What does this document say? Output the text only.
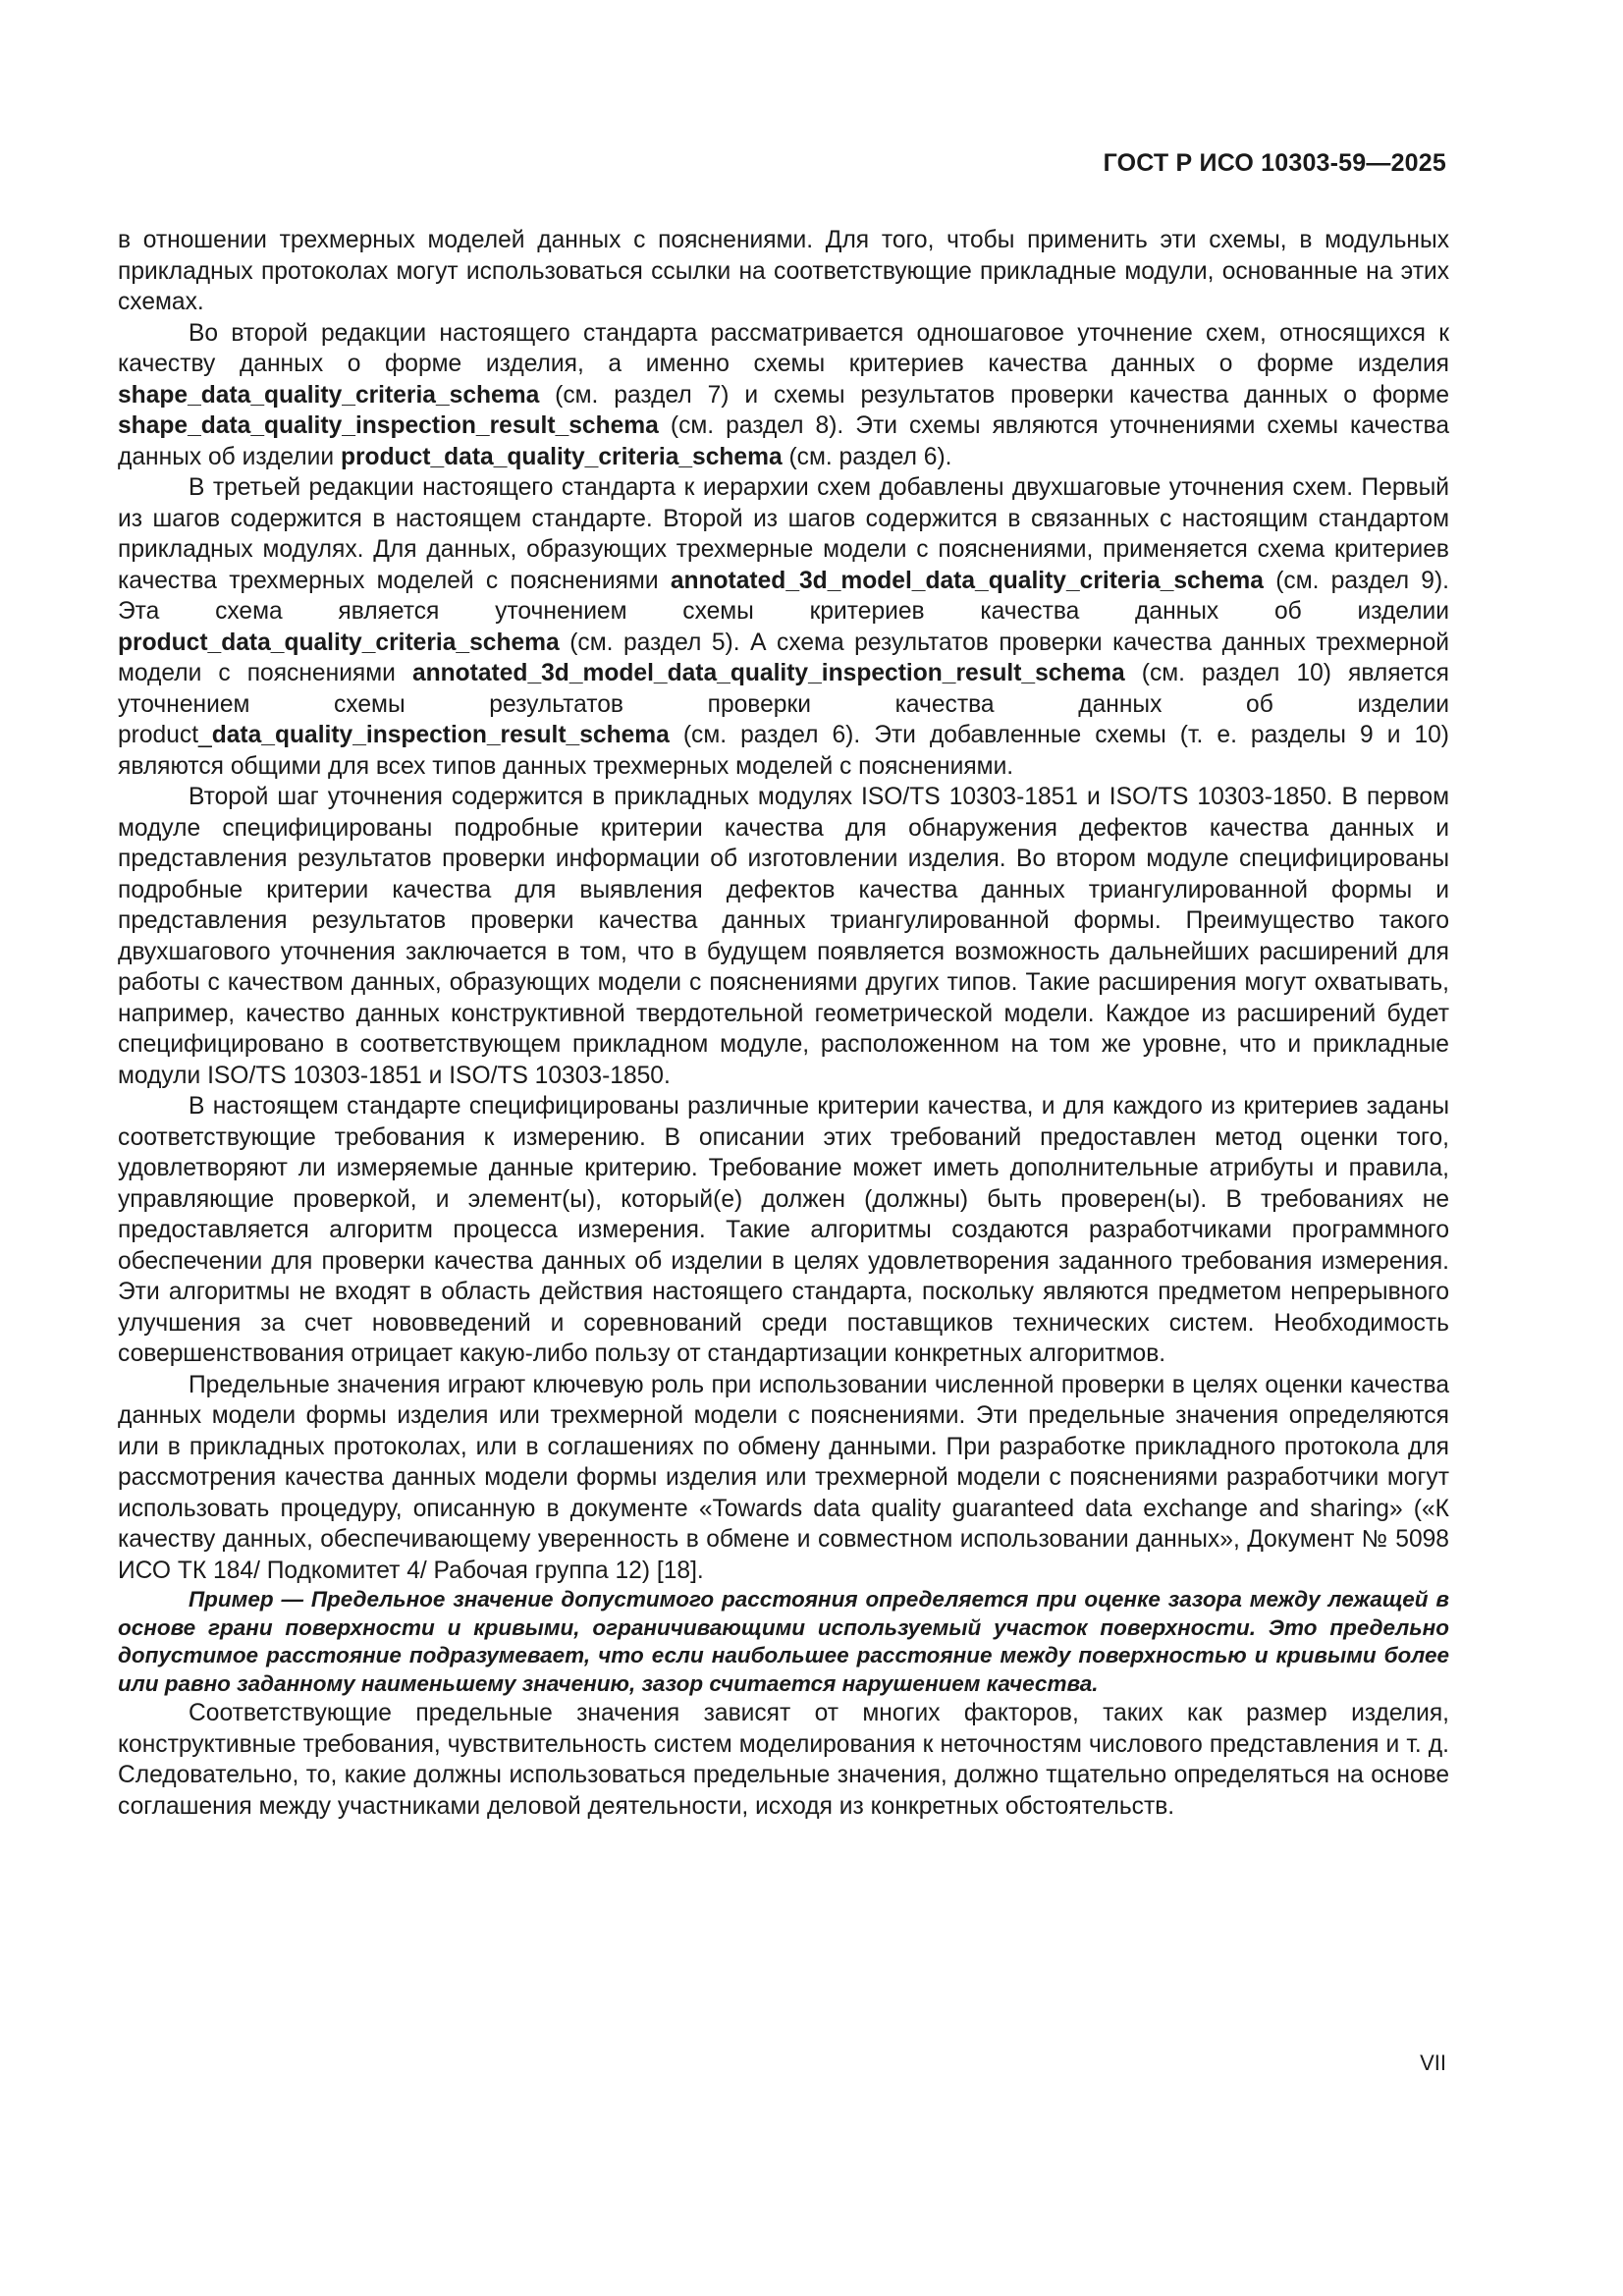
ГОСТ Р ИСО 10303-59—2025

в отношении трехмерных моделей данных с пояснениями. Для того, чтобы применить эти схемы, в модульных прикладных протоколах могут использоваться ссылки на соответствующие прикладные модули, основанные на этих схемах.

Во второй редакции настоящего стандарта рассматривается одношаговое уточнение схем, относящихся к качеству данных о форме изделия, а именно схемы критериев качества данных о форме изделия shape_data_quality_criteria_schema (см. раздел 7) и схемы результатов проверки качества данных о форме shape_data_quality_inspection_result_schema (см. раздел 8). Эти схемы являются уточнениями схемы качества данных об изделии product_data_quality_criteria_schema (см. раздел 6).

В третьей редакции настоящего стандарта к иерархии схем добавлены двухшаговые уточнения схем. Первый из шагов содержится в настоящем стандарте. Второй из шагов содержится в связанных с настоящим стандартом прикладных модулях. Для данных, образующих трехмерные модели с пояснениями, применяется схема критериев качества трехмерных моделей с пояснениями annotated_3d_model_data_quality_criteria_schema (см. раздел 9). Эта схема является уточнением схемы критериев качества данных об изделии product_data_quality_criteria_schema (см. раздел 5). А схема результатов проверки качества данных трехмерной модели с пояснениями annotated_3d_model_data_quality_inspection_result_schema (см. раздел 10) является уточнением схемы результатов проверки качества данных об изделии product_data_quality_inspection_result_schema (см. раздел 6). Эти добавленные схемы (т. е. разделы 9 и 10) являются общими для всех типов данных трехмерных моделей с пояснениями.

Второй шаг уточнения содержится в прикладных модулях ISO/TS 10303-1851 и ISO/TS 10303-1850. В первом модуле специфицированы подробные критерии качества для обнаружения дефектов качества данных и представления результатов проверки информации об изготовлении изделия. Во втором модуле специфицированы подробные критерии качества для выявления дефектов качества данных триангулированной формы и представления результатов проверки качества данных триангулированной формы. Преимущество такого двухшагового уточнения заключается в том, что в будущем появляется возможность дальнейших расширений для работы с качеством данных, образующих модели с пояснениями других типов. Такие расширения могут охватывать, например, качество данных конструктивной твердотельной геометрической модели. Каждое из расширений будет специфицировано в соответствующем прикладном модуле, расположенном на том же уровне, что и прикладные модули ISO/TS 10303-1851 и ISO/TS 10303-1850.

В настоящем стандарте специфицированы различные критерии качества, и для каждого из критериев заданы соответствующие требования к измерению. В описании этих требований предоставлен метод оценки того, удовлетворяют ли измеряемые данные критерию. Требование может иметь дополнительные атрибуты и правила, управляющие проверкой, и элемент(ы), который(е) должен (должны) быть проверен(ы). В требованиях не предоставляется алгоритм процесса измерения. Такие алгоритмы создаются разработчиками программного обеспечении для проверки качества данных об изделии в целях удовлетворения заданного требования измерения. Эти алгоритмы не входят в область действия настоящего стандарта, поскольку являются предметом непрерывного улучшения за счет нововведений и соревнований среди поставщиков технических систем. Необходимость совершенствования отрицает какую-либо пользу от стандартизации конкретных алгоритмов.

Предельные значения играют ключевую роль при использовании численной проверки в целях оценки качества данных модели формы изделия или трехмерной модели с пояснениями. Эти предельные значения определяются или в прикладных протоколах, или в соглашениях по обмену данными. При разработке прикладного протокола для рассмотрения качества данных модели формы изделия или трехмерной модели с пояснениями разработчики могут использовать процедуру, описанную в документе «Towards data quality guaranteed data exchange and sharing» («К качеству данных, обеспечивающему уверенность в обмене и совместном использовании данных», Документ № 5098 ИСО ТК 184/ Подкомитет 4/ Рабочая группа 12) [18].

Пример — Предельное значение допустимого расстояния определяется при оценке зазора между лежащей в основе грани поверхности и кривыми, ограничивающими используемый участок поверхности. Это предельно допустимое расстояние подразумевает, что если наибольшее расстояние между поверхностью и кривыми более или равно заданному наименьшему значению, зазор считается нарушением качества.

Соответствующие предельные значения зависят от многих факторов, таких как размер изделия, конструктивные требования, чувствительность систем моделирования к неточностям числового представления и т. д. Следовательно, то, какие должны использоваться предельные значения, должно тщательно определяться на основе соглашения между участниками деловой деятельности, исходя из конкретных обстоятельств.

VII
